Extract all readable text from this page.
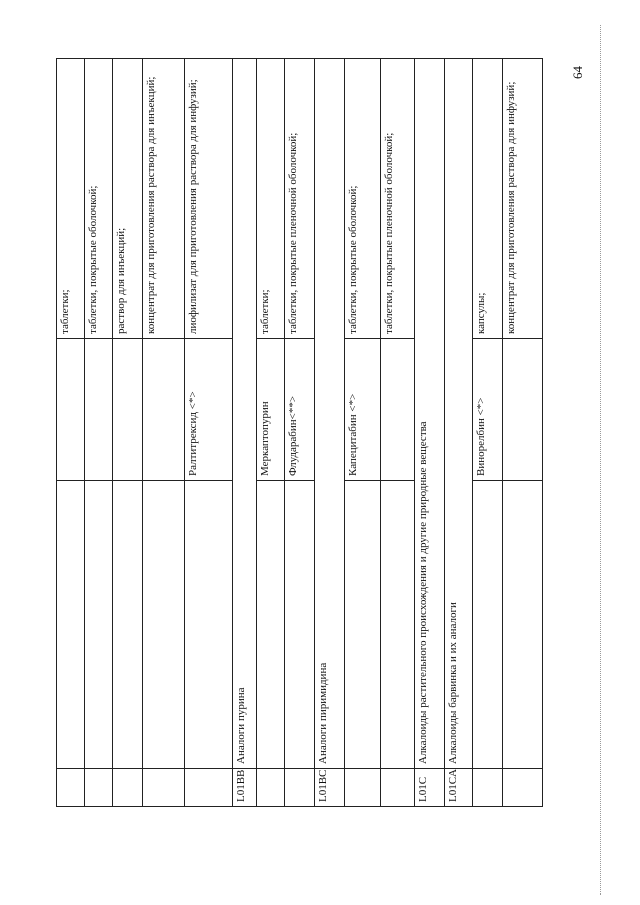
			таблетки;
			таблетки, покрытые оболочкой;
			раствор для инъекций;
			концентрат для приготовления раствора для инъекций;
		Ралтитрексид <*>	лиофилизат для приготовления раствора для инфузий;
L01BB	Аналоги пурина		
		Меркаптопурин	таблетки;
		Флударабин<**>	таблетки, покрытые пленочной оболочкой;
L01BC	Аналоги пиримидина		
		Капецитабин <*>	таблетки, покрытые оболочкой;
			таблетки, покрытые пленочной оболочкой;
L01C	Алкалоиды растительного происхождения и другие природные вещества		
L01CA	Алкалоиды барвинка и их аналоги		
		Винорелбин <*>	капсулы;
			концентрат для приготовления раствора для инфузий;
64
